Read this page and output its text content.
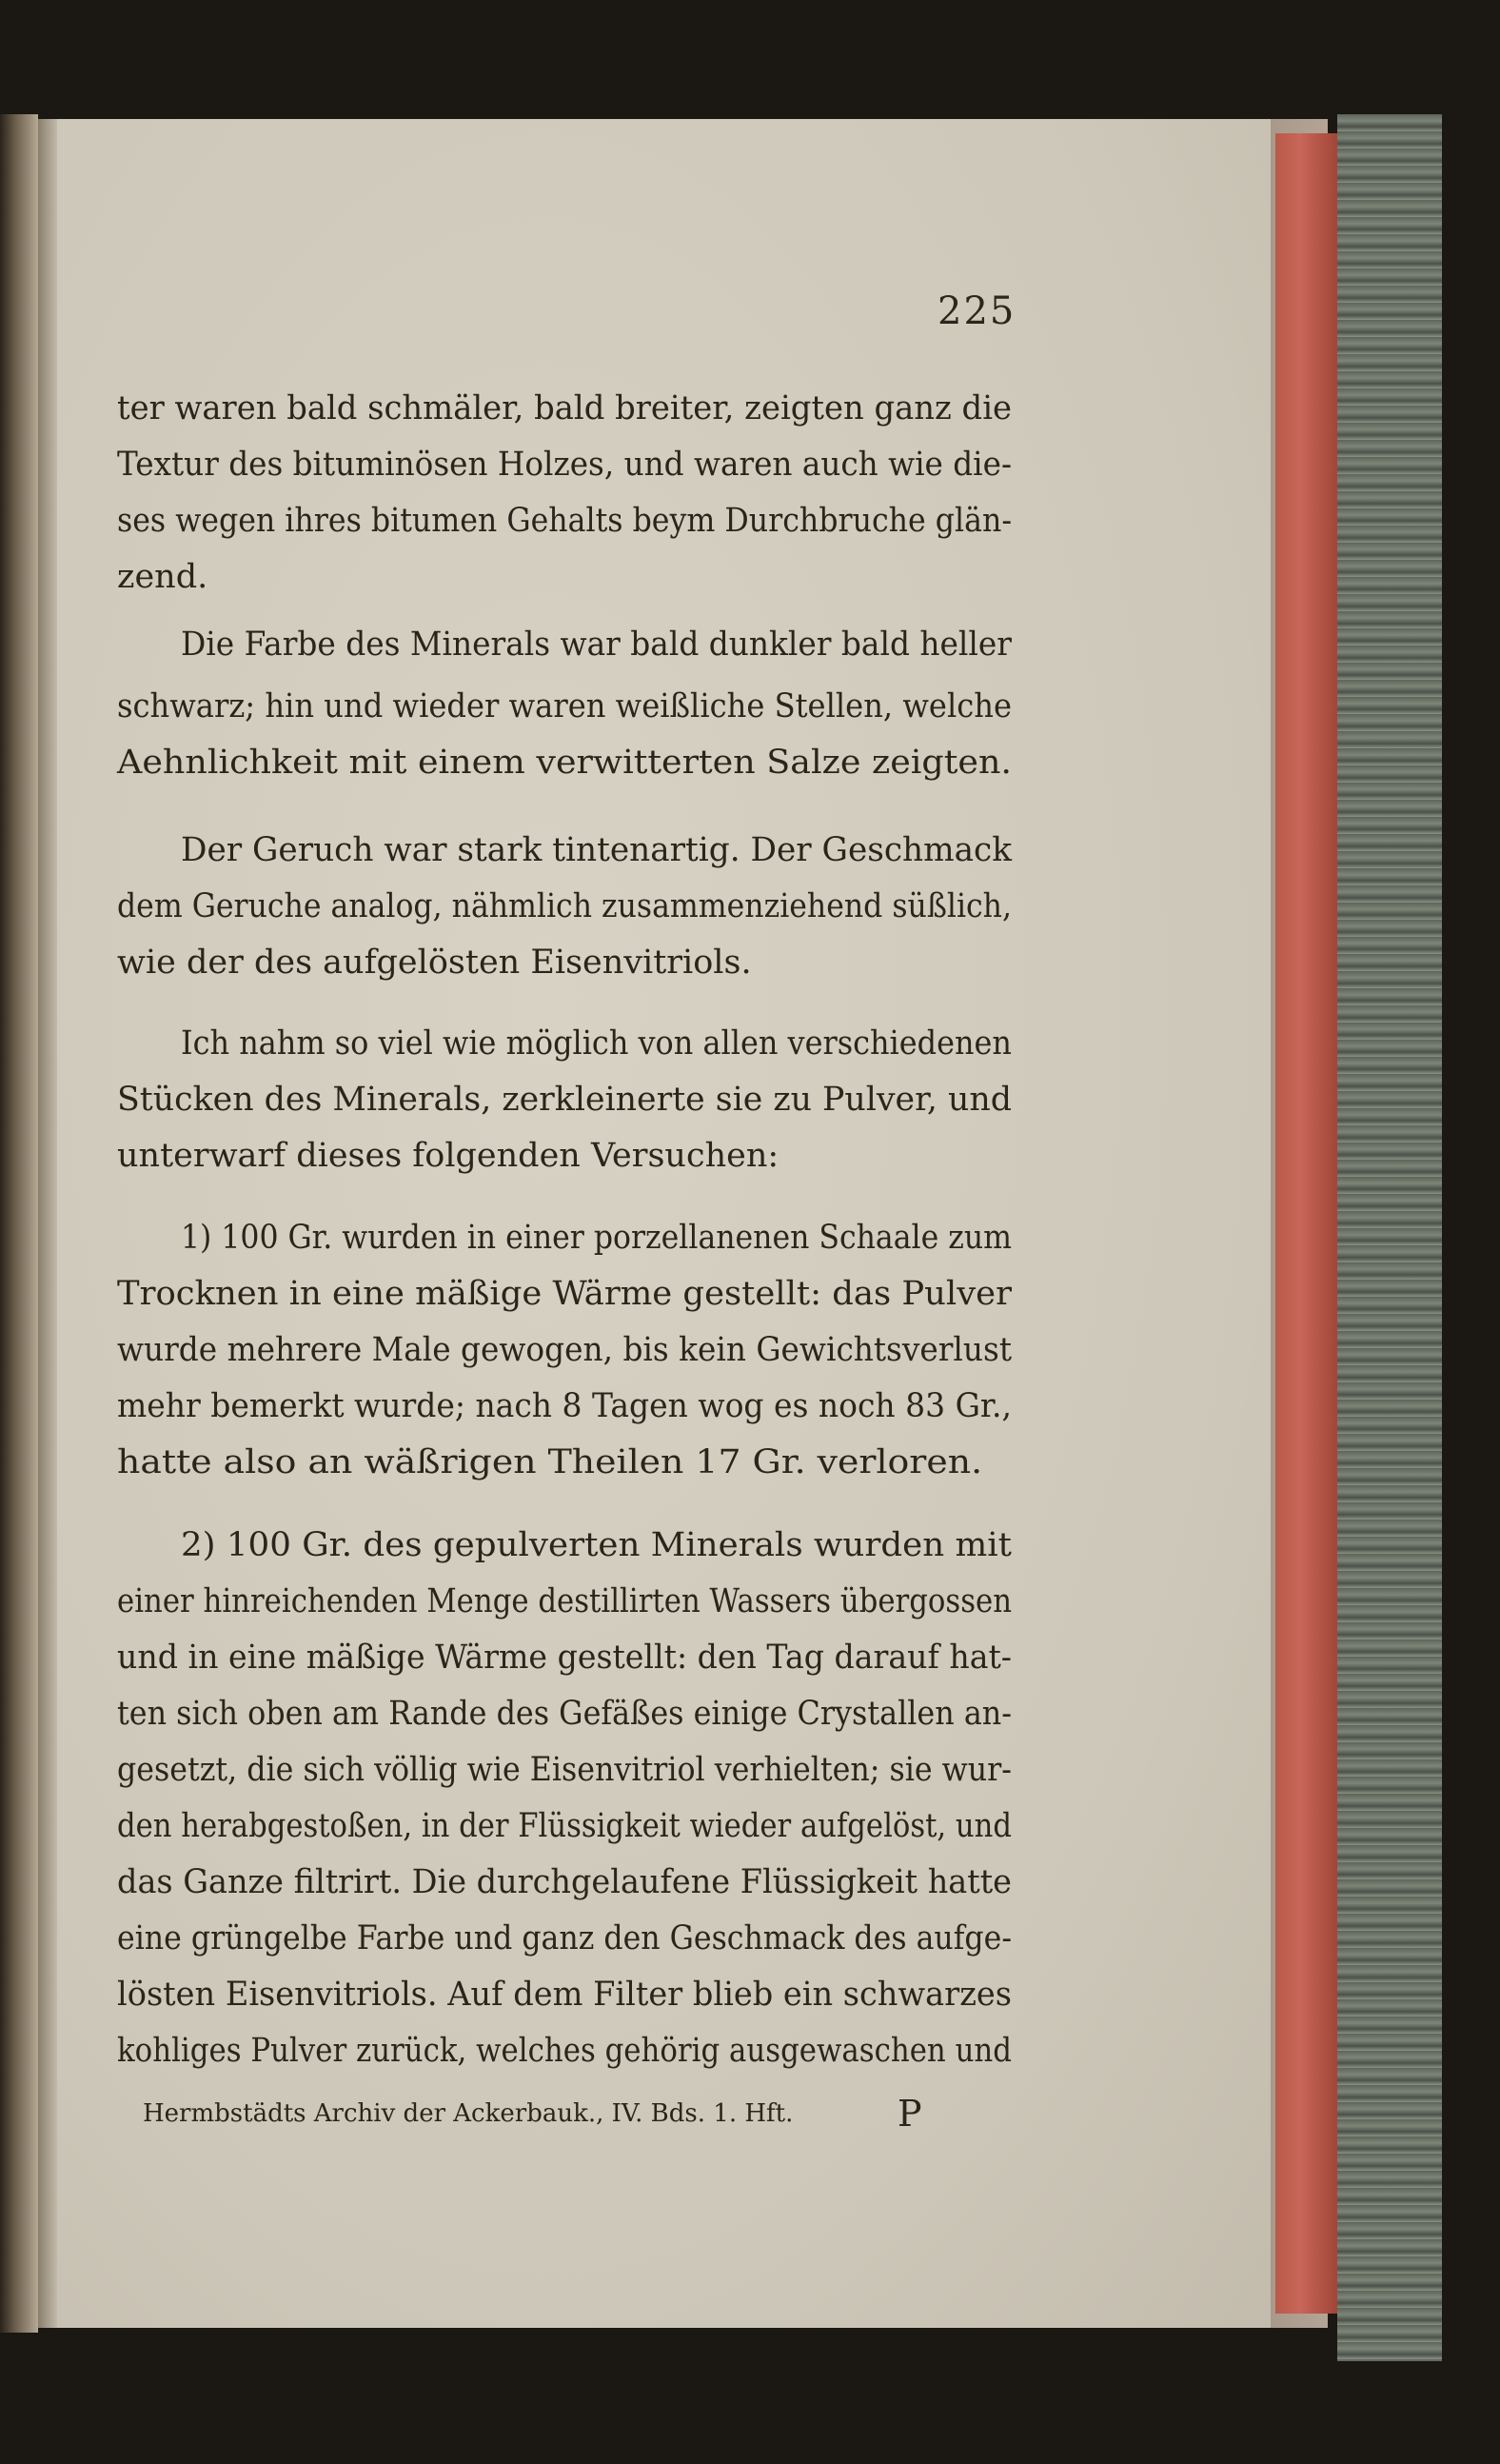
225
ter waren bald schmäler, bald breiter, zeigten ganz die
Textur des bituminösen Holzes, und waren auch wie die-
ses wegen ihres bitumen Gehalts beym Durchbruche glän-
zend.
Die Farbe des Minerals war bald dunkler bald heller
schwarz; hin und wieder waren weißliche Stellen, welche
Aehnlichkeit mit einem verwitterten Salze zeigten.
Der Geruch war stark tintenartig. Der Geschmack
dem Geruche analog, nähmlich zusammenziehend süßlich,
wie der des aufgelösten Eisenvitriols.
Ich nahm so viel wie möglich von allen verschiedenen
Stücken des Minerals, zerkleinerte sie zu Pulver, und
unterwarf dieses folgenden Versuchen:
1) 100 Gr. wurden in einer porzellanenen Schaale zum
Trocknen in eine mäßige Wärme gestellt: das Pulver
wurde mehrere Male gewogen, bis kein Gewichtsverlust
mehr bemerkt wurde; nach 8 Tagen wog es noch 83 Gr.,
hatte also an wäßrigen Theilen 17 Gr. verloren.
2) 100 Gr. des gepulverten Minerals wurden mit
einer hinreichenden Menge destillirten Wassers übergossen
und in eine mäßige Wärme gestellt: den Tag darauf hat-
ten sich oben am Rande des Gefäßes einige Crystallen an-
gesetzt, die sich völlig wie Eisenvitriol verhielten; sie wur-
den herabgestoßen, in der Flüssigkeit wieder aufgelöst, und
das Ganze filtrirt. Die durchgelaufene Flüssigkeit hatte
eine grüngelbe Farbe und ganz den Geschmack des aufge-
lösten Eisenvitriols. Auf dem Filter blieb ein schwarzes
kohliges Pulver zurück, welches gehörig ausgewaschen und
Hermbstädts Archiv der Ackerbauk., IV. Bds. 1. Hft.	P
